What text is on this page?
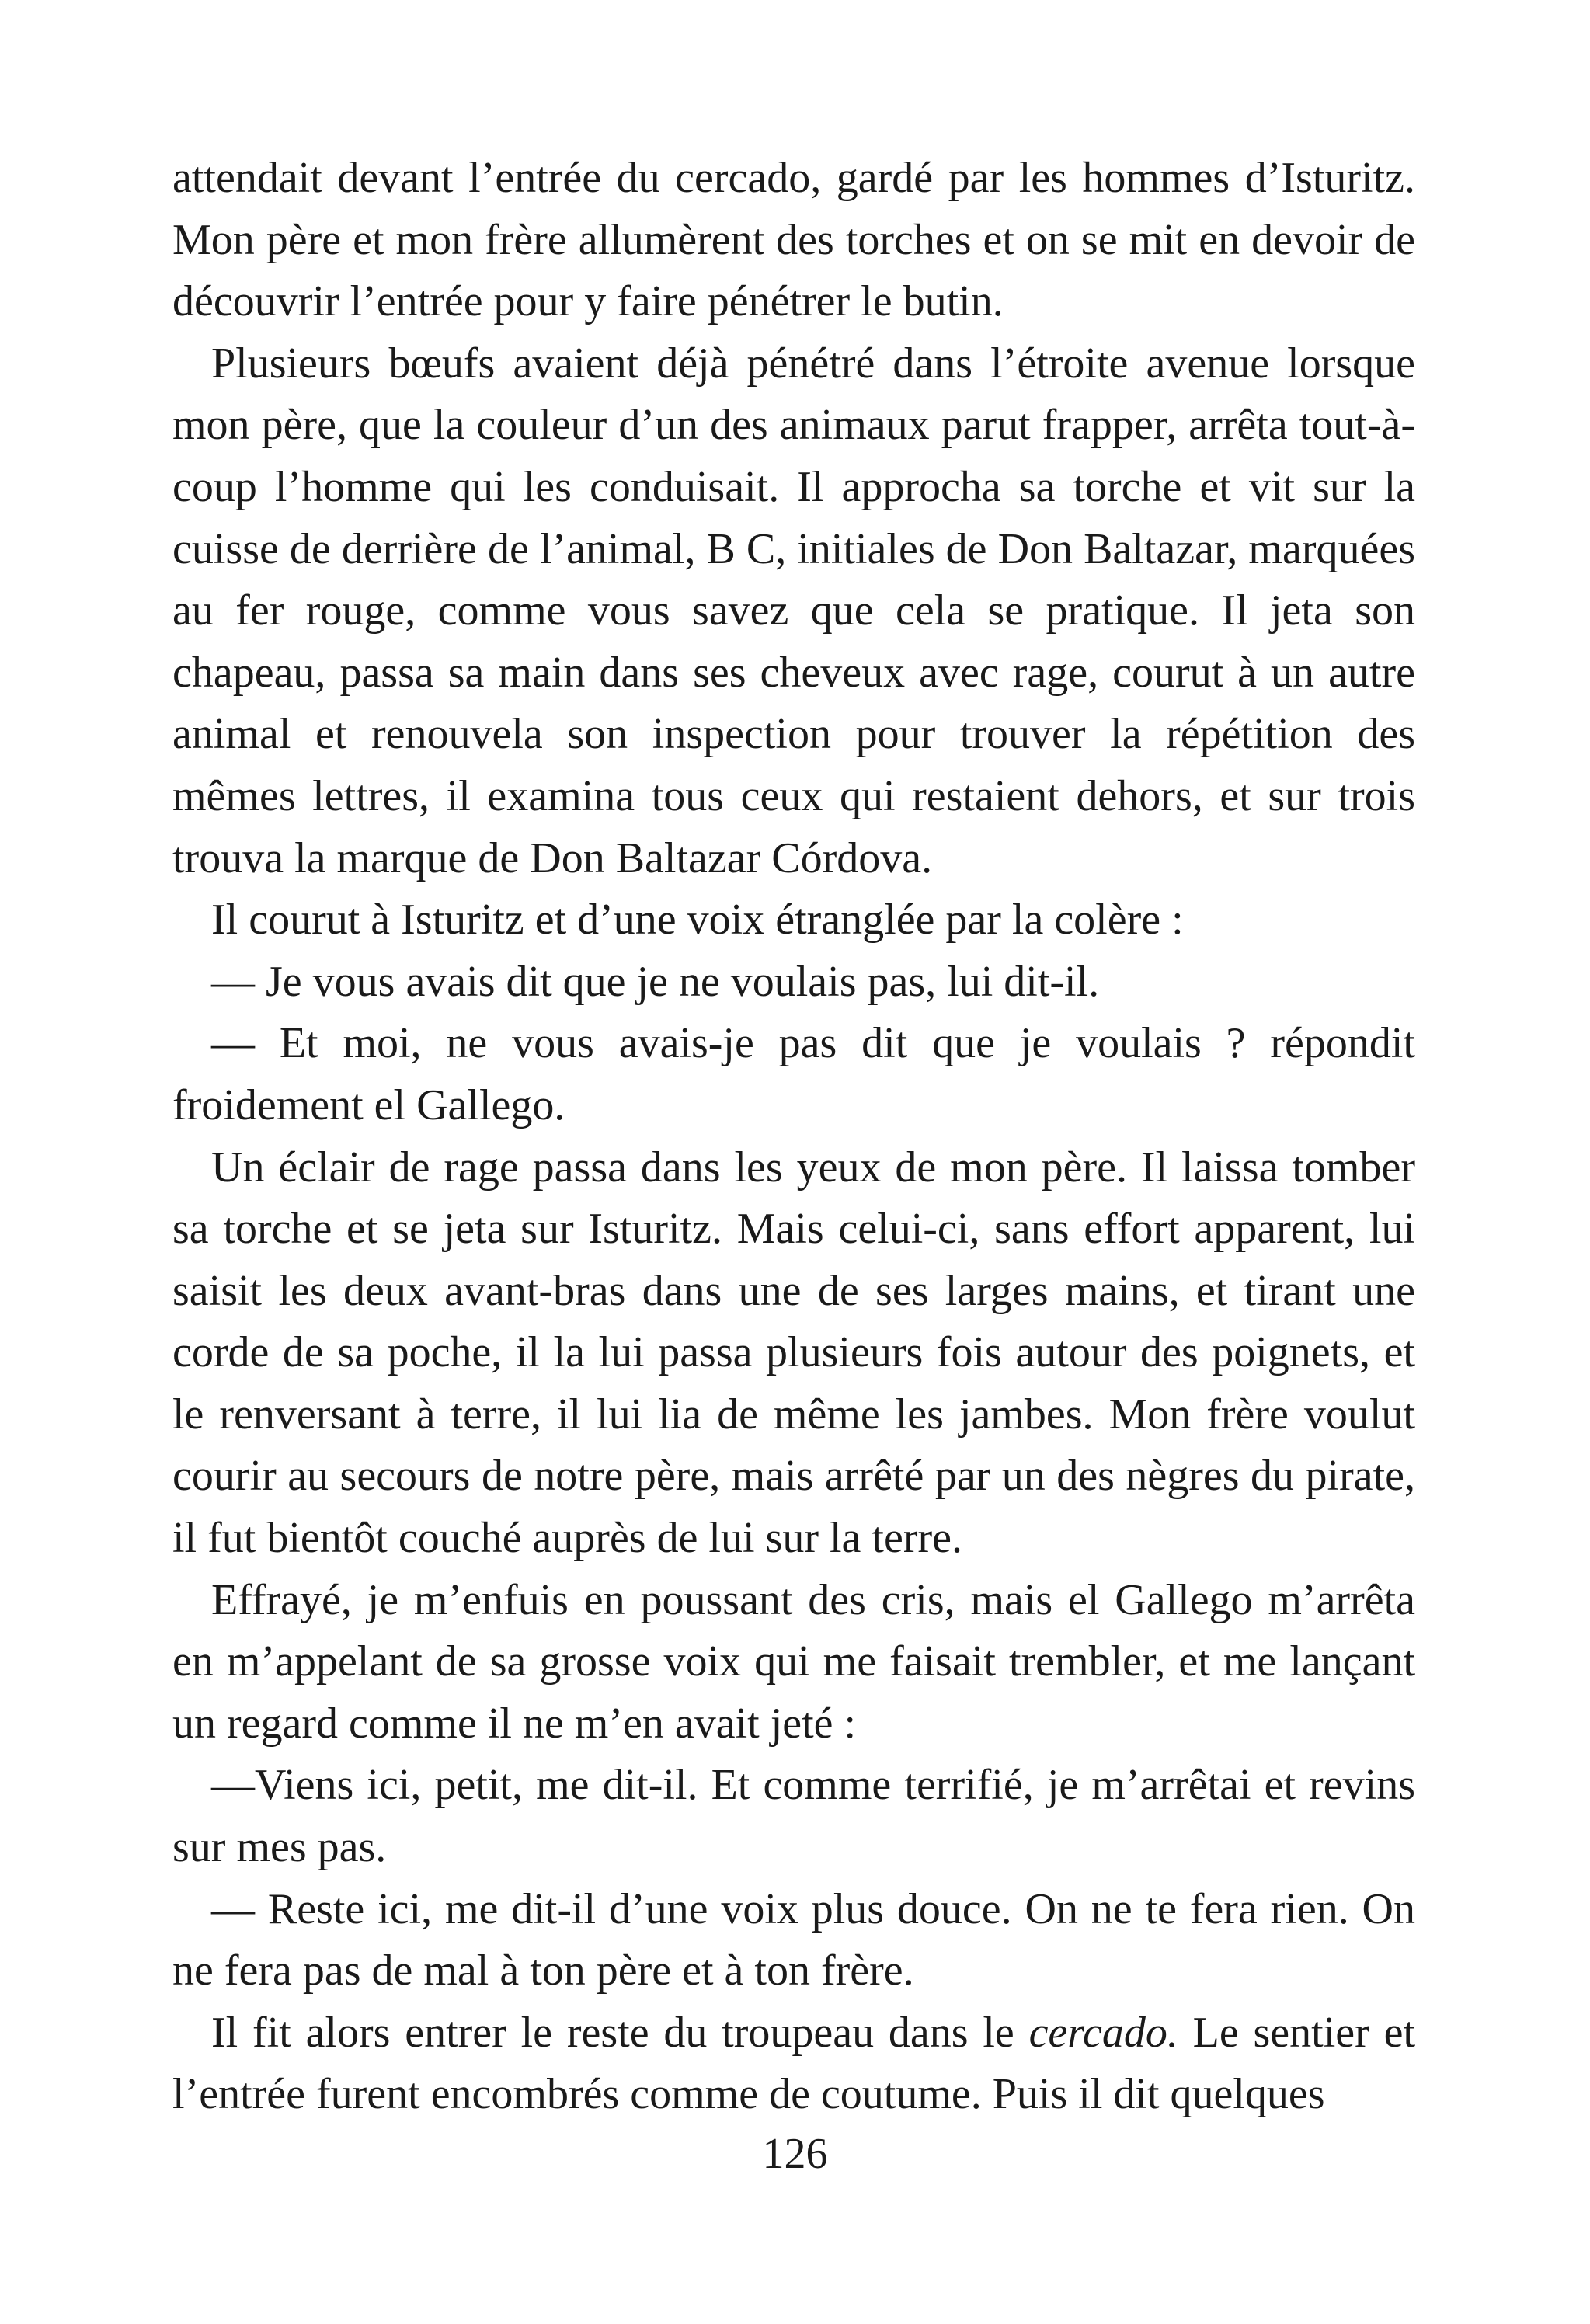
attendait devant l’entrée du cercado, gardé par les hommes d’Isturitz. Mon père et mon frère allumèrent des torches et on se mit en devoir de découvrir l’entrée pour y faire pénétrer le butin.

Plusieurs bœufs avaient déjà pénétré dans l’étroite avenue lorsque mon père, que la couleur d’un des animaux parut frapper, arrêta tout-à-coup l’homme qui les conduisait. Il approcha sa torche et vit sur la cuisse de derrière de l’animal, B C, initiales de Don Baltazar, marquées au fer rouge, comme vous savez que cela se pratique. Il jeta son chapeau, passa sa main dans ses cheveux avec rage, courut à un autre animal et renouvela son inspection pour trouver la répétition des mêmes lettres, il examina tous ceux qui restaient dehors, et sur trois trouva la marque de Don Baltazar Córdova.

Il courut à Isturitz et d’une voix étranglée par la colère :

— Je vous avais dit que je ne voulais pas, lui dit-il.

— Et moi, ne vous avais-je pas dit que je voulais ? répondit froidement el Gallego.

Un éclair de rage passa dans les yeux de mon père. Il laissa tomber sa torche et se jeta sur Isturitz. Mais celui-ci, sans effort apparent, lui saisit les deux avant-bras dans une de ses larges mains, et tirant une corde de sa poche, il la lui passa plusieurs fois autour des poignets, et le renversant à terre, il lui lia de même les jambes. Mon frère voulut courir au secours de notre père, mais arrêté par un des nègres du pirate, il fut bientôt couché auprès de lui sur la terre.

Effrayé, je m’enfuis en poussant des cris, mais el Gallego m’arrêta en m’appelant de sa grosse voix qui me faisait trembler, et me lançant un regard comme il ne m’en avait jeté :

—Viens ici, petit, me dit-il. Et comme terrifié, je m’arrêtai et revins sur mes pas.

— Reste ici, me dit-il d’une voix plus douce. On ne te fera rien. On ne fera pas de mal à ton père et à ton frère.

Il fit alors entrer le reste du troupeau dans le cercado. Le sentier et l’entrée furent encombrés comme de coutume. Puis il dit quelques

126
